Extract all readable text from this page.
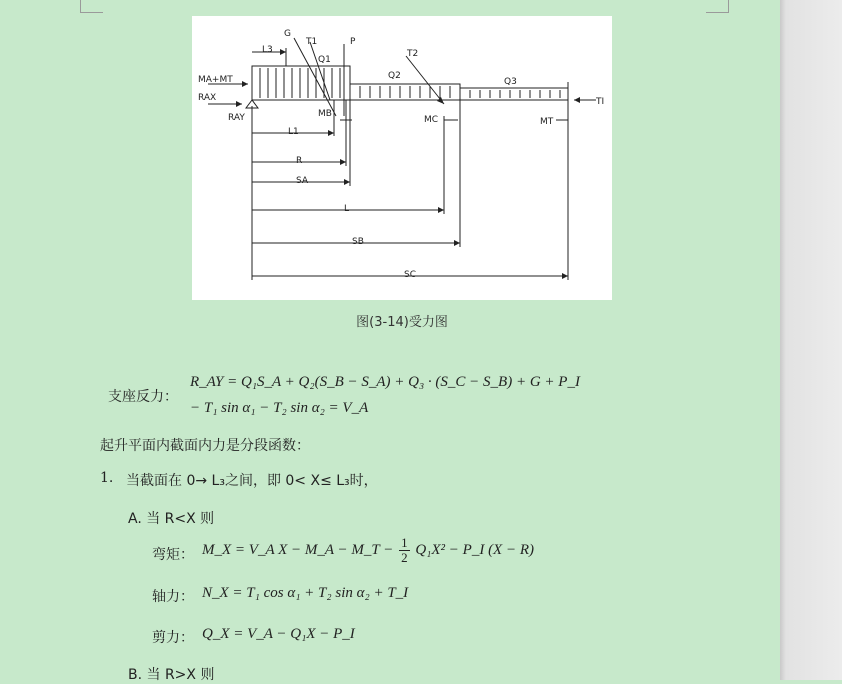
G
T1	P
T2
Q1
Q2
Q3
MA+MT
RAX
RAY	MB
MC	MT
TI
L3
L1
R
SA
L
SB
SC
图(3-14)受力图
支座反力：
R_AY = Q₁S_A + Q₂(S_B − S_A) + Q₃ · (S_C − S_B) + G + P_I
− T₁ sin α₁ − T₂ sin α₂ = V_A
起升平面内截面内力是分段函数：
1. 当截面在 0→ L₃之间，即 0< X≤ L₃时，
A. 当 R<X 则
弯矩： M_X = V_A X − M_A − M_T − $\frac{1}{2} Q_1X^2$ − P_I (X − R)
轴力： N_X = T₁ cos α₁ + T₂ sin α₂ + T_I
剪力： Q_X = V_A − Q₁X − P_I
B. 当 R>X 则
